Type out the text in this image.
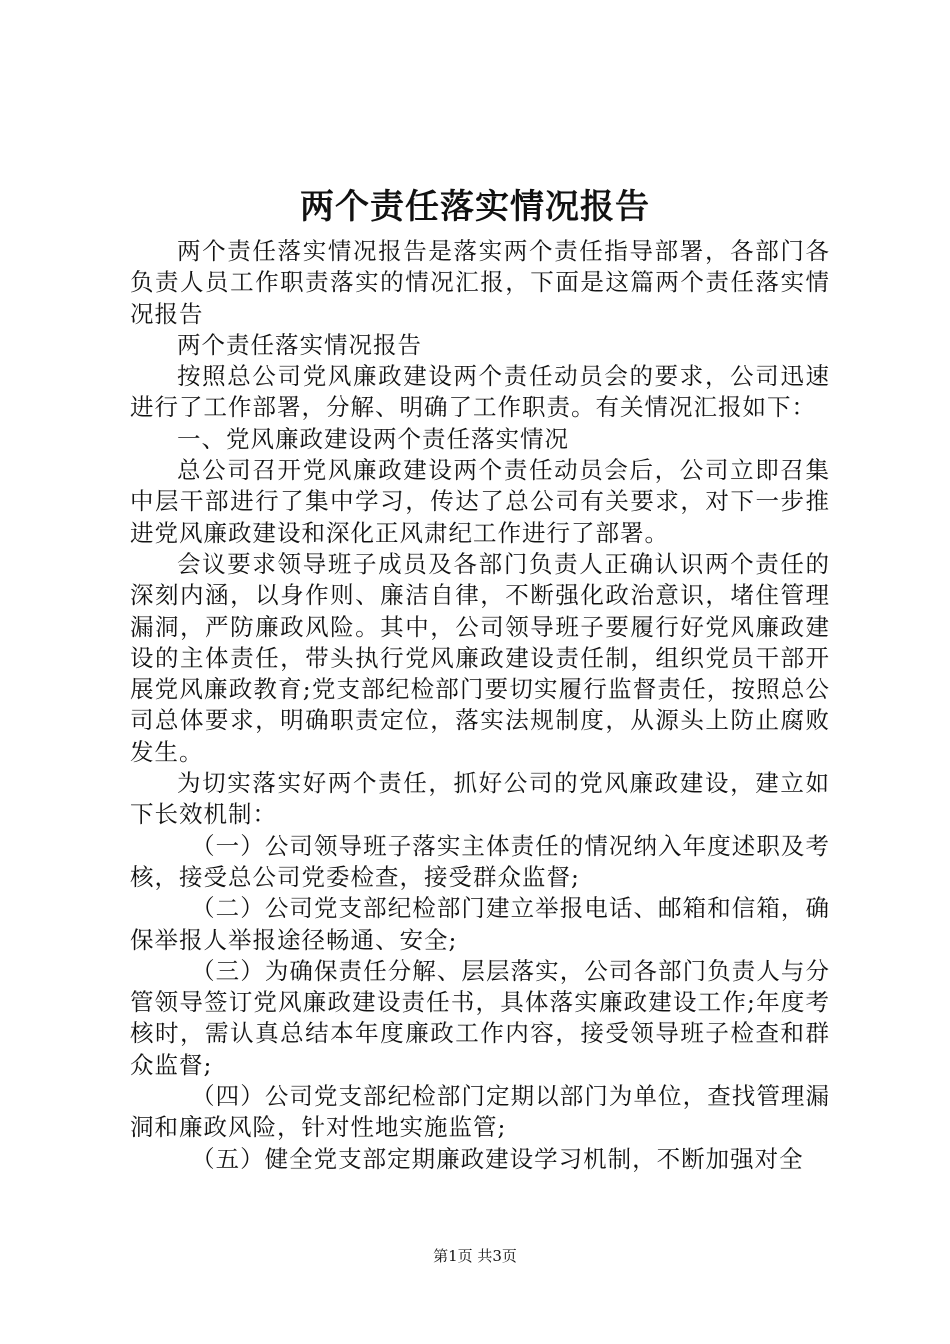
两个责任落实情况报告

两个责任落实情况报告是落实两个责任指导部署，各部门各负责人员工作职责落实的情况汇报，下面是这篇两个责任落实情况报告

两个责任落实情况报告

按照总公司党风廉政建设两个责任动员会的要求，公司迅速进行了工作部署，分解、明确了工作职责。有关情况汇报如下：

一、党风廉政建设两个责任落实情况

总公司召开党风廉政建设两个责任动员会后，公司立即召集中层干部进行了集中学习，传达了总公司有关要求，对下一步推进党风廉政建设和深化正风肃纪工作进行了部署。

会议要求领导班子成员及各部门负责人正确认识两个责任的深刻内涵，以身作则、廉洁自律，不断强化政治意识，堵住管理漏洞，严防廉政风险。其中，公司领导班子要履行好党风廉政建设的主体责任，带头执行党风廉政建设责任制，组织党员干部开展党风廉政教育;党支部纪检部门要切实履行监督责任，按照总公司总体要求，明确职责定位，落实法规制度，从源头上防止腐败发生。

为切实落实好两个责任，抓好公司的党风廉政建设，建立如下长效机制：

（一）公司领导班子落实主体责任的情况纳入年度述职及考核，接受总公司党委检查，接受群众监督;

（二）公司党支部纪检部门建立举报电话、邮箱和信箱，确保举报人举报途径畅通、安全;

（三）为确保责任分解、层层落实，公司各部门负责人与分管领导签订党风廉政建设责任书，具体落实廉政建设工作;年度考核时，需认真总结本年度廉政工作内容，接受领导班子检查和群众监督;

（四）公司党支部纪检部门定期以部门为单位，查找管理漏洞和廉政风险，针对性地实施监管;

（五）健全党支部定期廉政建设学习机制，不断加强对全

第1页 共3页
